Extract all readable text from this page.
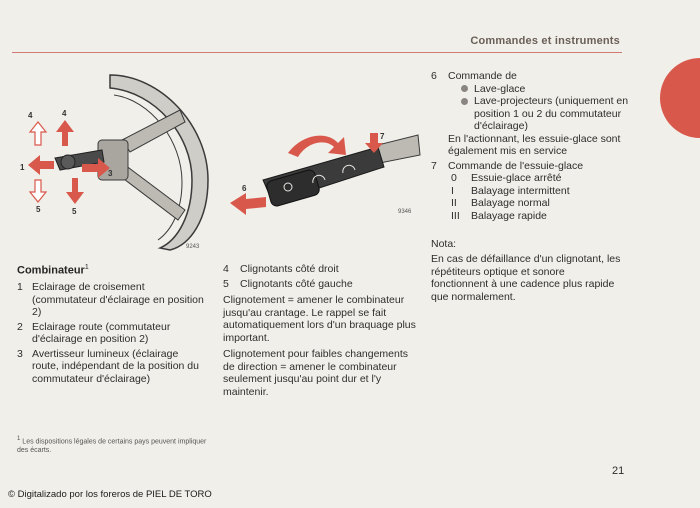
Commandes et instruments
4	4
1
3
5	5
9243
7
6
9346
Combinateur$^1$
1 Eclairage de croisement (commutateur d'éclairage en position 2)
2 Eclairage route (commutateur d'éclairage en position 2)
3 Avertisseur lumineux (éclairage route, indépendant de la position du commutateur d'éclairage)
4 Clignotants côté droit
5 Clignotants côté gauche

Clignotement = amener le combinateur jusqu'au crantage. Le rappel se fait automatiquement lors d'un braquage plus important.

Clignotement pour faibles changements de direction = amener le combinateur seulement jusqu'au point dur et l'y maintenir.

6 Commande de
Lave-glace
Lave-projecteurs (uniquement en position 1 ou 2 du commutateur d'éclairage)
En l'actionnant, les essuie-glace sont également mis en service
7 Commande de l'essuie-glace
0 Essuie-glace arrêté
I Balayage intermittent
II Balayage normal
III Balayage rapide
Nota:
En cas de défaillance d'un clignotant, les répétiteurs optique et sonore fonctionnent à une cadence plus rapide que normalement.
$^1$ Les dispositions légales de certains pays peuvent impliquer des écarts.
21
© Digitalizado por los foreros de PIEL DE TORO
